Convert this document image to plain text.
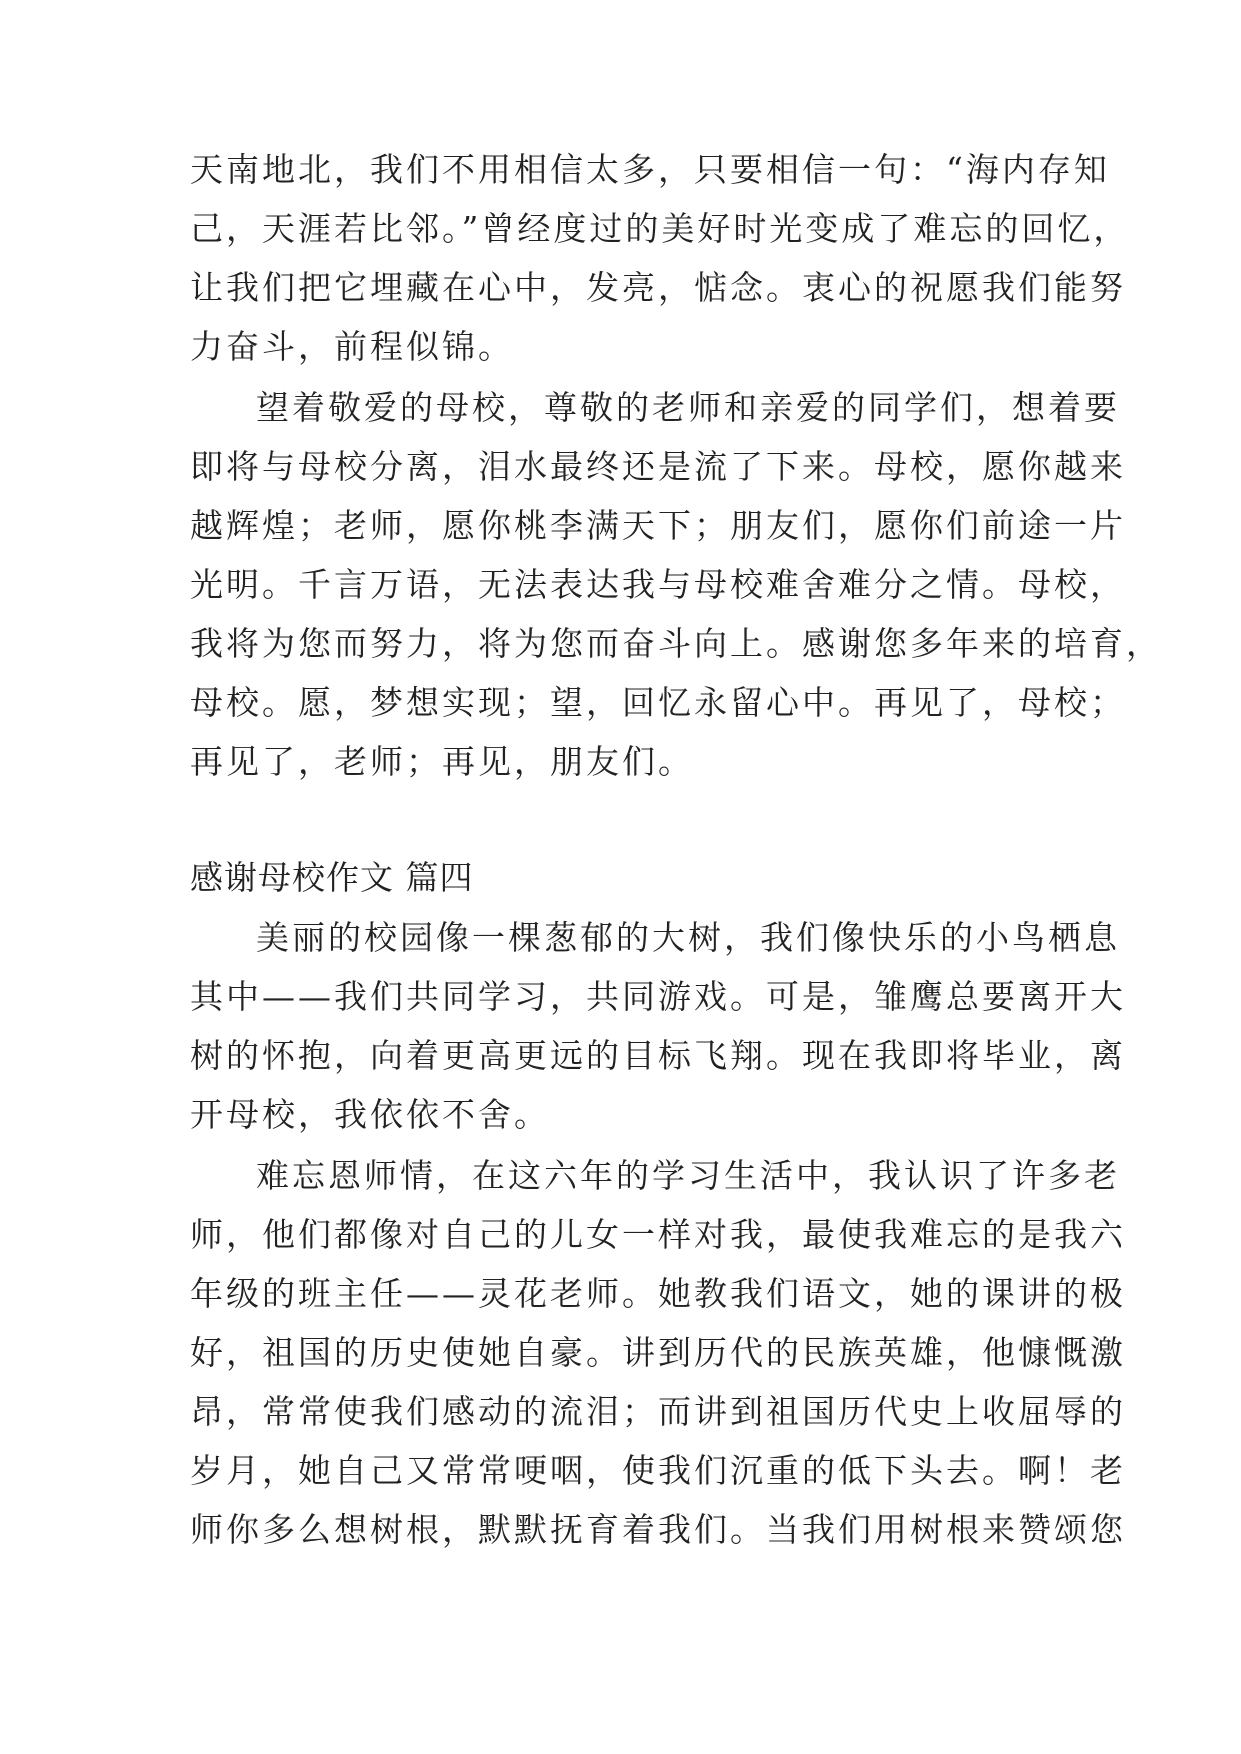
天南地北，我们不用相信太多，只要相信一句：“海内存知
己，天涯若比邻。”曾经度过的美好时光变成了难忘的回忆，
让我们把它埋藏在心中，发亮，惦念。衷心的祝愿我们能努
力奋斗，前程似锦。
望着敬爱的母校，尊敬的老师和亲爱的同学们，想着要
即将与母校分离，泪水最终还是流了下来。母校，愿你越来
越辉煌；老师，愿你桃李满天下；朋友们，愿你们前途一片
光明。千言万语，无法表达我与母校难舍难分之情。母校，
我将为您而努力，将为您而奋斗向上。感谢您多年来的培育，
母校。愿，梦想实现；望，回忆永留心中。再见了，母校；
再见了，老师；再见，朋友们。
感谢母校作文 篇四
美丽的校园像一棵葱郁的大树，我们像快乐的小鸟栖息
其中——我们共同学习，共同游戏。可是，雏鹰总要离开大
树的怀抱，向着更高更远的目标飞翔。现在我即将毕业，离
开母校，我依依不舍。
难忘恩师情，在这六年的学习生活中，我认识了许多老
师，他们都像对自己的儿女一样对我，最使我难忘的是我六
年级的班主任——灵花老师。她教我们语文，她的课讲的极
好，祖国的历史使她自豪。讲到历代的民族英雄，他慷慨激
昂，常常使我们感动的流泪；而讲到祖国历代史上收屈辱的
岁月，她自己又常常哽咽，使我们沉重的低下头去。啊！老
师你多么想树根，默默抚育着我们。当我们用树根来赞颂您
